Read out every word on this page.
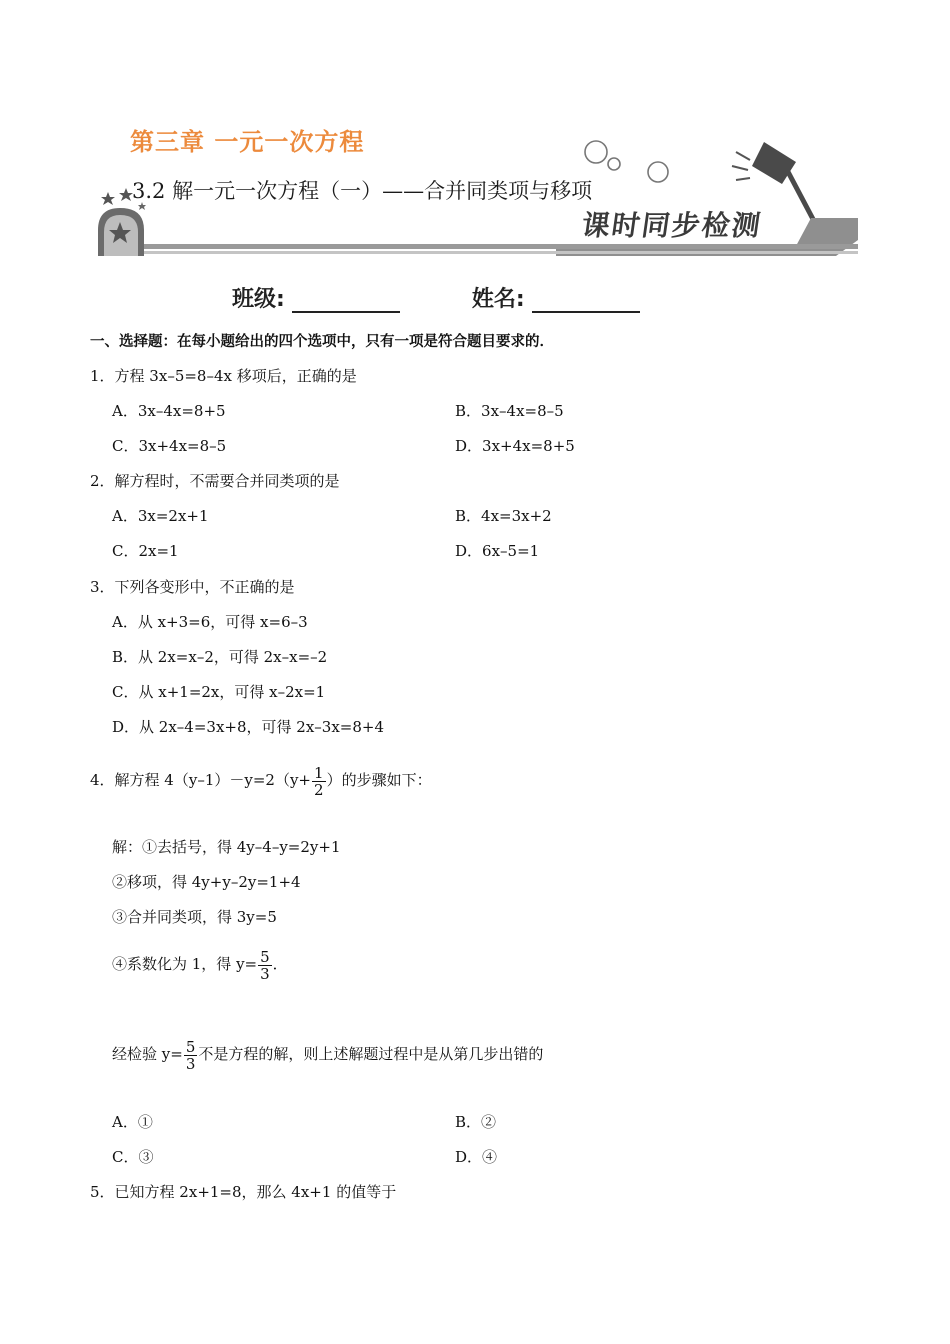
第三章 一元一次方程
3.2 解一元一次方程（一）——合并同类项与移项
课时同步检测
班级:	姓名:
一、选择题：在每小题给出的四个选项中，只有一项是符合题目要求的．
1．方程 3x–5=8–4x 移项后，正确的是
A．3x–4x=8+5	B．3x–4x=8–5
C．3x+4x=8–5	D．3x+4x=8+5
2．解方程时，不需要合并同类项的是
A．3x=2x+1	B．4x=3x+2
C．2x=1	D．6x–5=1
3．下列各变形中，不正确的是
A．从 x+3=6，可得 x=6–3
B．从 2x=x–2，可得 2x–x=–2
C．从 x+1=2x，可得 x–2x=1
D．从 2x–4=3x+8，可得 2x–3x=8+4
4．解方程 $4(y-1)-y=2(y+ \frac{1}{2}$ ）的步骤如下：
解：①去括号，得 4y–4–y=2y+1
②移项，得 4y+y–2y=1+4
③合并同类项，得 3y=5
④系数化为 1，得 $y= \frac{5}{3}$ ．
经检验 $y= \frac{5}{3}$ 不是方程的解，则上述解题过程中是从第几步出错的
A．①	B．②
C．③	D．④
5．已知方程 2x+1=8，那么 4x+1 的值等于
